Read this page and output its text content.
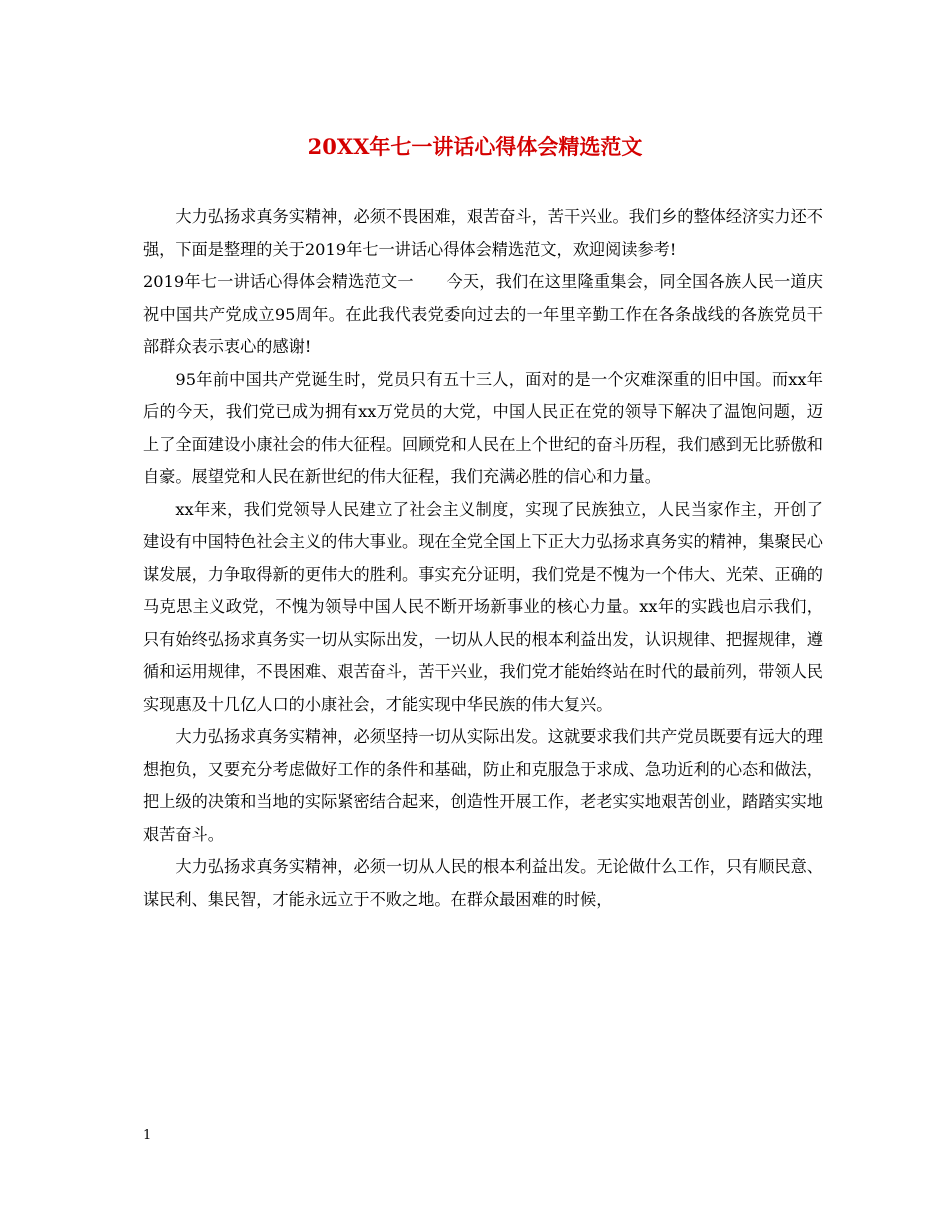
20XX年七一讲话心得体会精选范文

大力弘扬求真务实精神，必须不畏困难，艰苦奋斗，苦干兴业。我们乡的整体经济实力还不强，下面是整理的关于2019年七一讲话心得体会精选范文，欢迎阅读参考!

2019年七一讲话心得体会精选范文一　　今天，我们在这里隆重集会，同全国各族人民一道庆祝中国共产党成立95周年。在此我代表党委向过去的一年里辛勤工作在各条战线的各族党员干部群众表示衷心的感谢!

95年前中国共产党诞生时，党员只有五十三人，面对的是一个灾难深重的旧中国。而xx年后的今天，我们党已成为拥有xx万党员的大党，中国人民正在党的领导下解决了温饱问题，迈上了全面建设小康社会的伟大征程。回顾党和人民在上个世纪的奋斗历程，我们感到无比骄傲和自豪。展望党和人民在新世纪的伟大征程，我们充满必胜的信心和力量。

xx年来，我们党领导人民建立了社会主义制度，实现了民族独立，人民当家作主，开创了建设有中国特色社会主义的伟大事业。现在全党全国上下正大力弘扬求真务实的精神，集聚民心谋发展，力争取得新的更伟大的胜利。事实充分证明，我们党是不愧为一个伟大、光荣、正确的马克思主义政党，不愧为领导中国人民不断开场新事业的核心力量。xx年的实践也启示我们，只有始终弘扬求真务实一切从实际出发，一切从人民的根本利益出发，认识规律、把握规律，遵循和运用规律，不畏困难、艰苦奋斗，苦干兴业，我们党才能始终站在时代的最前列，带领人民实现惠及十几亿人口的小康社会，才能实现中华民族的伟大复兴。

大力弘扬求真务实精神，必须坚持一切从实际出发。这就要求我们共产党员既要有远大的理想抱负，又要充分考虑做好工作的条件和基础，防止和克服急于求成、急功近利的心态和做法，把上级的决策和当地的实际紧密结合起来，创造性开展工作，老老实实地艰苦创业，踏踏实实地艰苦奋斗。

大力弘扬求真务实精神，必须一切从人民的根本利益出发。无论做什么工作，只有顺民意、谋民利、集民智，才能永远立于不败之地。在群众最困难的时候，

1
